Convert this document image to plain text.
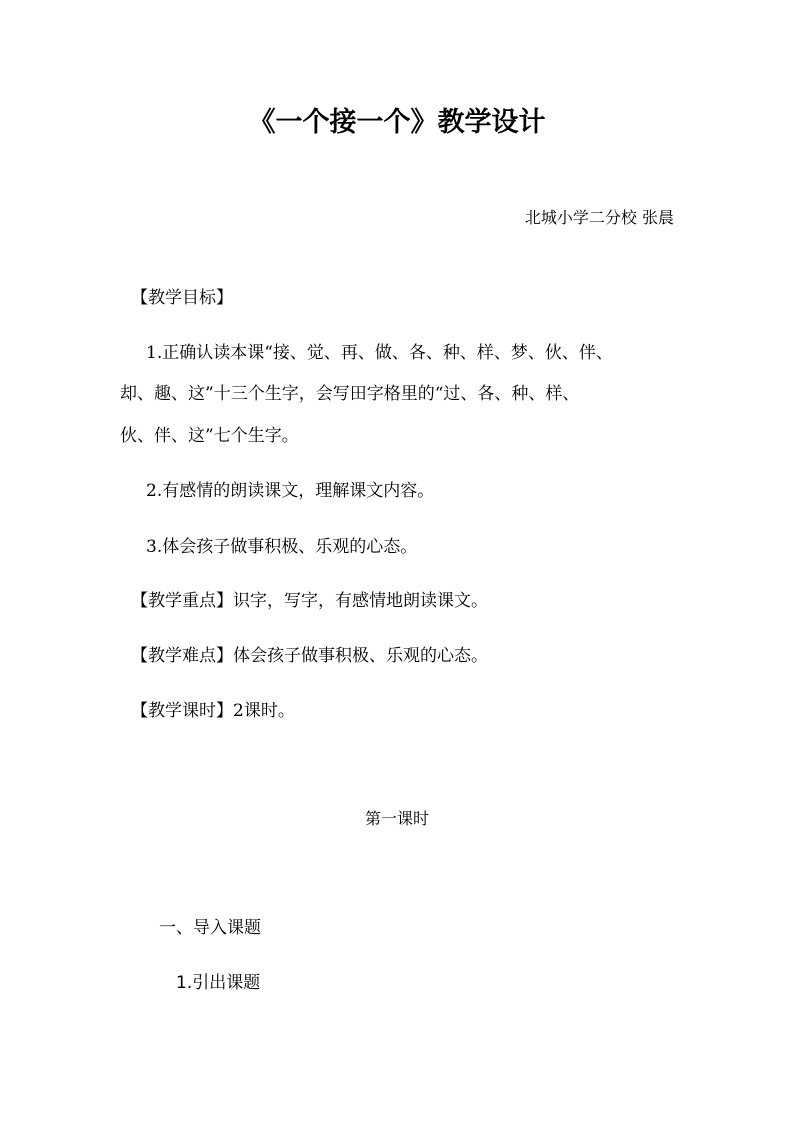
《一个接一个》教学设计

北城小学二分校 张晨

【教学目标】

1.正确认读本课“接、觉、再、做、各、种、样、梦、伙、伴、

却、趣、这”十三个生字，会写田字格里的“过、各、种、样、

伙、伴、这”七个生字。

2.有感情的朗读课文，理解课文内容。

3.体会孩子做事积极、乐观的心态。

【教学重点】识字，写字，有感情地朗读课文。

【教学难点】体会孩子做事积极、乐观的心态。

【教学课时】2课时。

第一课时

一、导入课题

1.引出课题
